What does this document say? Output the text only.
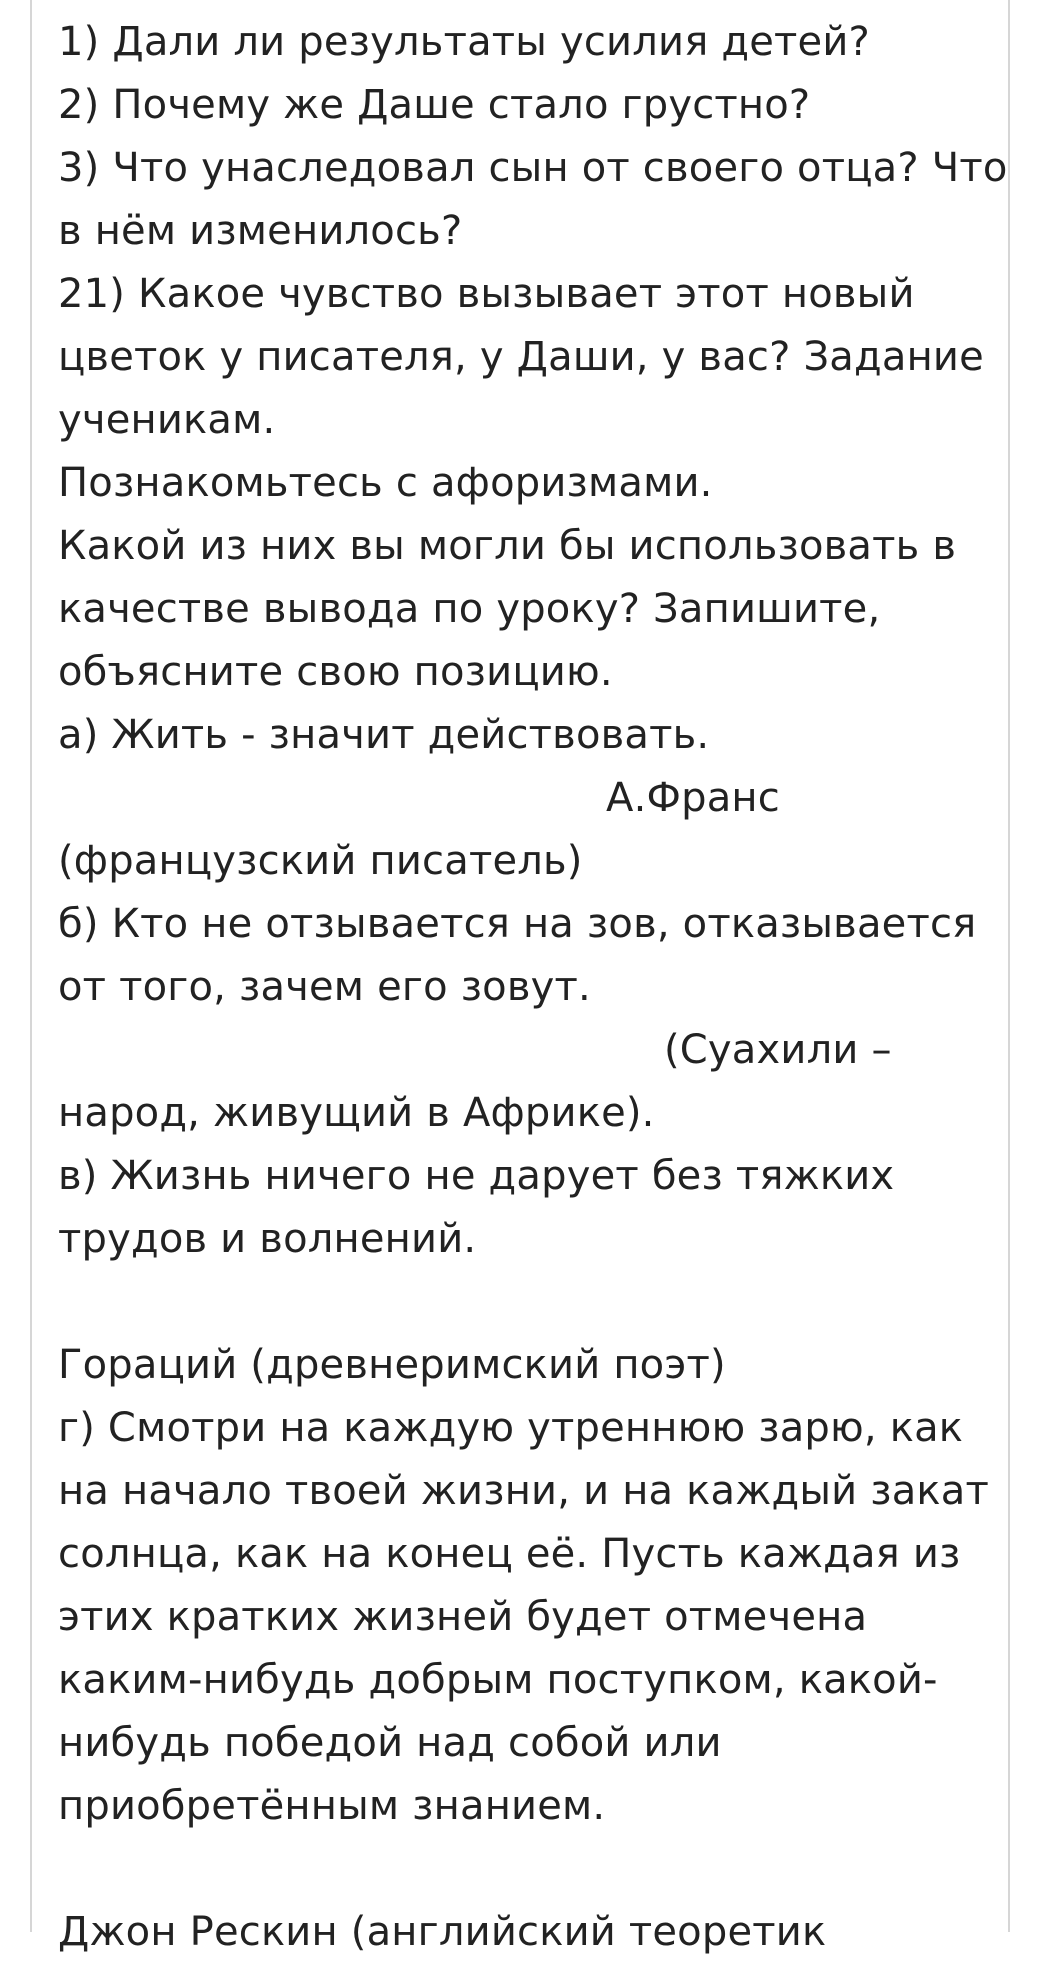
1) Дали ли результаты усилия детей?
2) Почему же Даше стало грустно?
3) Что унаследовал сын от своего отца? Что
в нём изменилось?
21) Какое чувство вызывает этот новый
цветок у писателя, у Даши, у вас? Задание
ученикам.
Познакомьтесь с афоризмами.
Какой из них вы могли бы использовать в
качестве вывода по уроку? Запишите,
объясните свою позицию.
а) Жить - значит действовать.
А.Франс
(французский писатель)
б) Кто не отзывается на зов, отказывается
от того, зачем его зовут.
(Суахили –
народ, живущий в Африке).
в) Жизнь ничего не дарует без тяжких
трудов и волнений.
Гораций (древнеримский поэт)
г) Смотри на каждую утреннюю зарю, как
на начало твоей жизни, и на каждый закат
солнца, как на конец её. Пусть каждая из
этих кратких жизней будет отмечена
каким-нибудь добрым поступком, какой-
нибудь победой над собой или
приобретённым знанием.
Джон Рескин (английский теоретик
